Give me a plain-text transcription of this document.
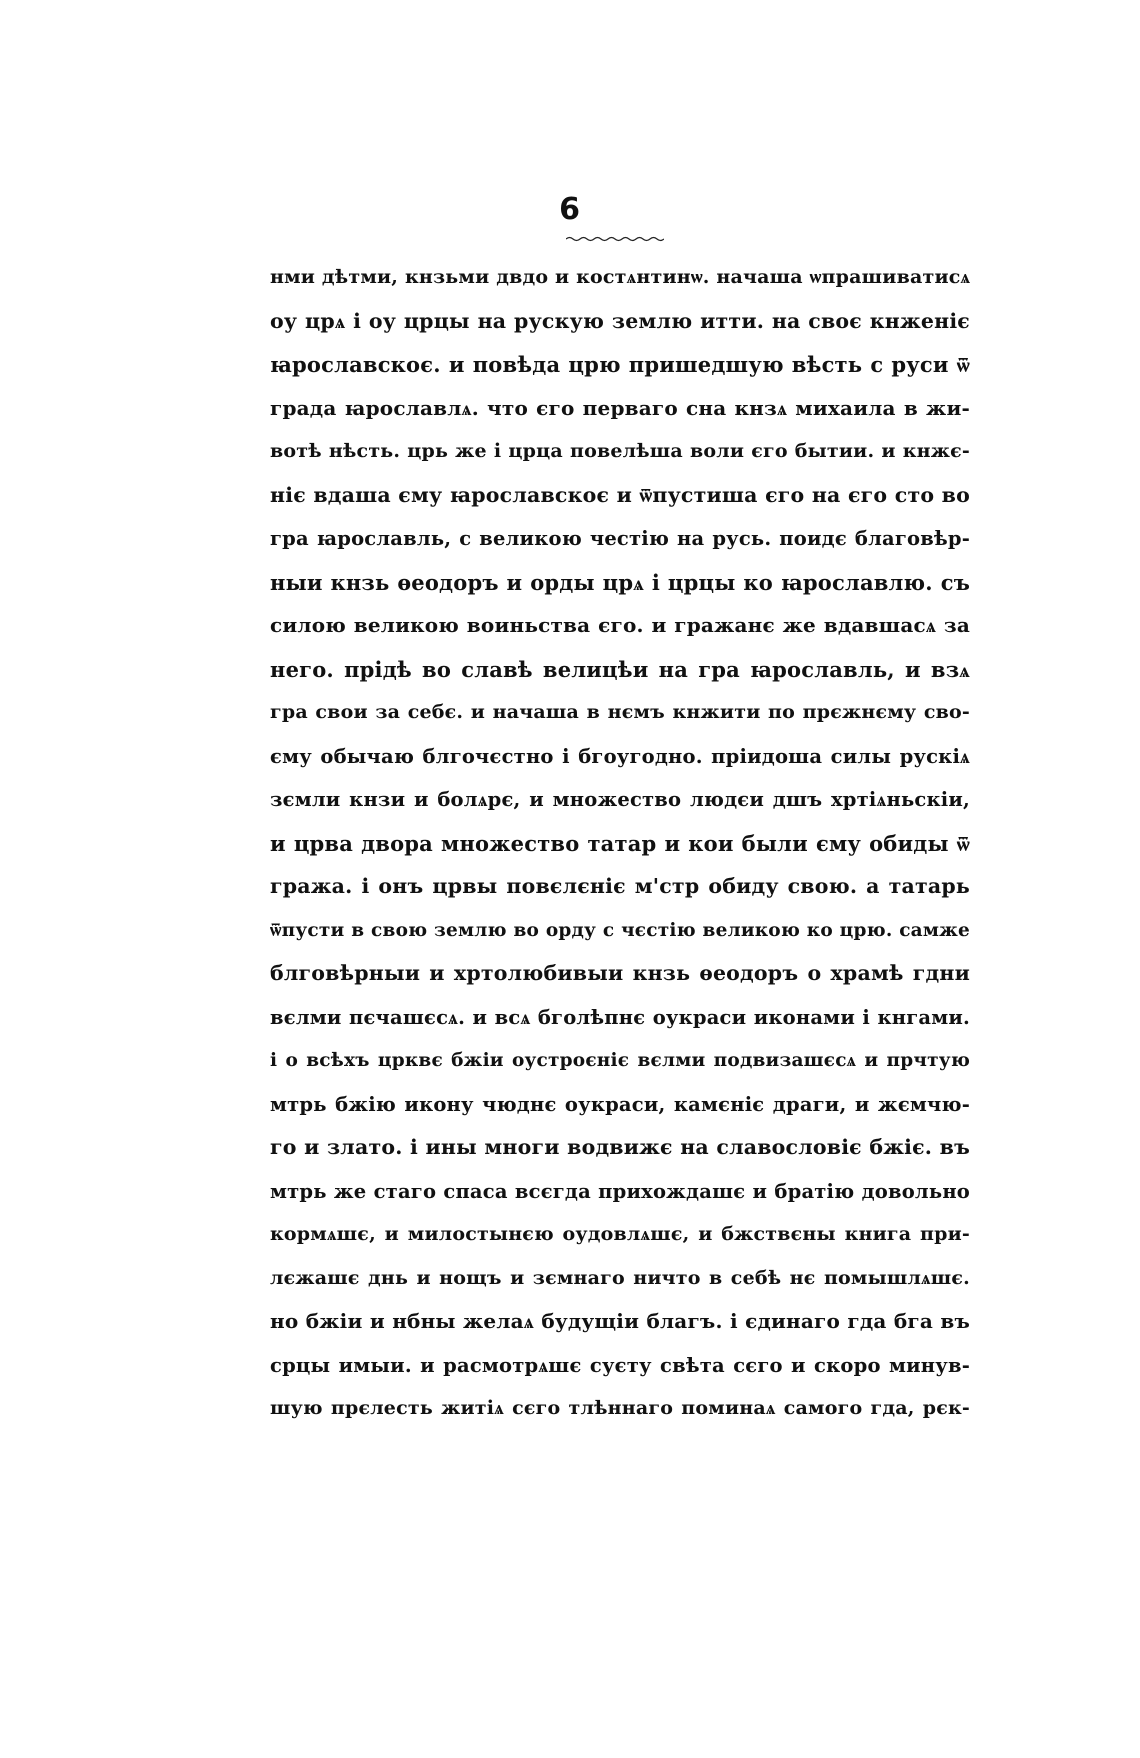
6
нми дѣтми, кнзьми двдо и костѧнтинѡ. начаша ѡпрашиватисѧ
оу црѧ і оу црцы на рускую землю итти. на своє кнженіє
ꙗрославскоє. и повѣда црю пришедшую вѣсть с руси ѿ
града ꙗрославлѧ. что єго перваго сна кнзѧ михаила в жи-
вотѣ нѣсть. црь же і црца повелѣша воли єго бытии. и кнжє-
ніє вдаша єму ꙗрославскоє и ѿпустиша єго на єго сто во
гра ꙗрославль, с великою честію на русь. поидє благовѣр-
ныи кнзь ѳеодоръ и орды црѧ і црцы ко ꙗрославлю. съ
силою великою воиньства єго. и гражанє же вдавшасѧ за
него. прідѣ во славѣ велицѣи на гра ꙗрославль, и взѧ
гра свои за себє. и начаша в нємъ кнжити по прєжнєму сво-
єму обычаю блгочєстно і бгоугодно. пріидоша силы рускіѧ
зємли кнзи и болѧрє, и множество людєи дшъ хртіѧньскіи,
и црва двора множество татар и кои были єму обиды ѿ
гража. і онъ црвы повєлєніє м'стр обиду свою. а татарь
ѿпусти в свою землю во орду с чєстію великою ко црю. самже
блговѣрныи и хртолюбивыи кнзь ѳеодоръ о храмѣ гдни
вєлми пєчашєсѧ. и всѧ бголѣпнє оукраси иконами і кнгами.
і о всѣхъ црквє бжіи оустроєніє вєлми подвизашєсѧ и прчтую
мтрь бжію икону чюднє оукраси, камєніє драги, и жємчю-
го и злато. і ины многи водвижє на славословіє бжіє. въ
мтрь же стаго спаса всєгда прихождашє и братію довольно
кормѧшє, и милостынєю оудовлѧшє, и бжствєны книга при-
лєжашє днь и нощъ и зємнаго ничто в себѣ нє помышлѧшє.
но бжіи и нбны желаѧ будущіи благъ. і єдинаго гда бга въ
срцы имыи. и расмотрѧшє суєту свѣта сєго и скоро минув-
шую прєлесть житіѧ сєго тлѣннаго поминаѧ самого гда, рєк-
